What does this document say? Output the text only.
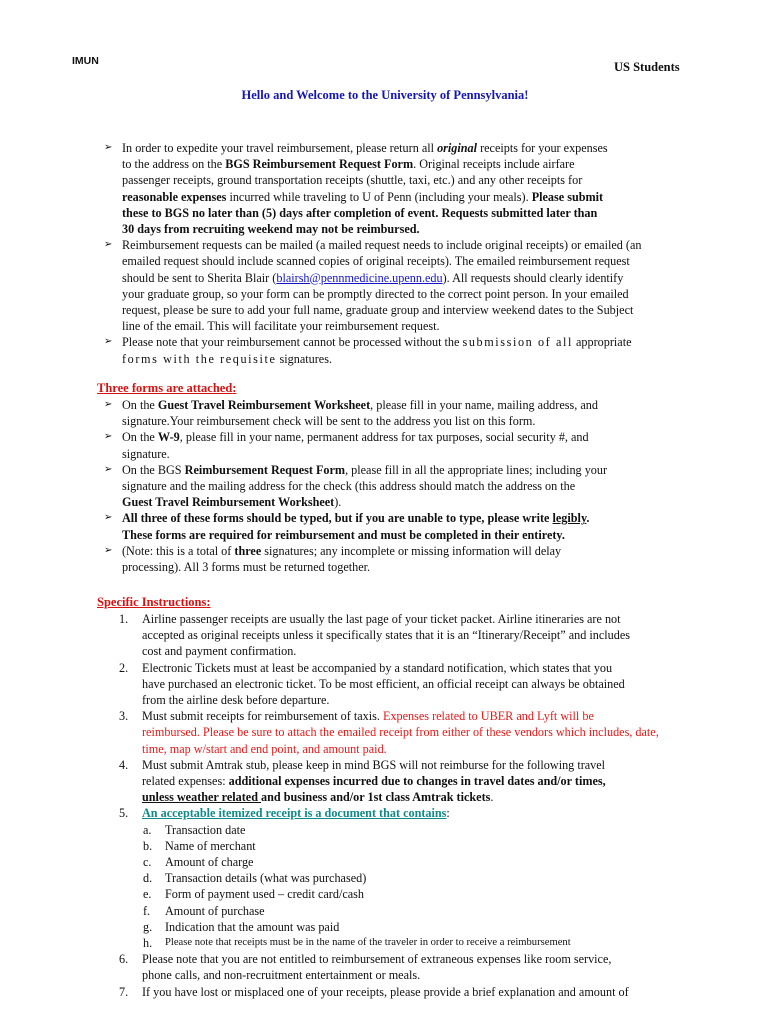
IMUN	US Students
Hello and Welcome to the University of Pennsylvania!
➢ In order to expedite your travel reimbursement, please return all original receipts for your expenses
to the address on the BGS Reimbursement Request Form. Original receipts include airfare
passenger receipts, ground transportation receipts (shuttle, taxi, etc.) and any other receipts for
reasonable expenses incurred while traveling to U of Penn (including your meals). Please submit
these to BGS no later than (5) days after completion of event. Requests submitted later than
30 days from recruiting weekend may not be reimbursed.
➢ Reimbursement requests can be mailed (a mailed request needs to include original receipts) or emailed (an
emailed request should include scanned copies of original receipts). The emailed reimbursement request
should be sent to Sherita Blair (blairsh@pennmedicine.upenn.edu). All requests should clearly identify
your graduate group, so your form can be promptly directed to the correct point person. In your emailed
request, please be sure to add your full name, graduate group and interview weekend dates to the Subject
line of the email. This will facilitate your reimbursement request.
➢ Please note that your reimbursement cannot be processed without the submission of all appropriate
forms with the requisite signatures.
Three forms are attached:
➢ On the Guest Travel Reimbursement Worksheet, please fill in your name, mailing address, and
signature.Your reimbursement check will be sent to the address you list on this form.
➢ On the W-9, please fill in your name, permanent address for tax purposes, social security #, and
signature.
➢ On the BGS Reimbursement Request Form, please fill in all the appropriate lines; including your
signature and the mailing address for the check (this address should match the address on the
Guest Travel Reimbursement Worksheet).
➢ All three of these forms should be typed, but if you are unable to type, please write legibly.
These forms are required for reimbursement and must be completed in their entirety.
➢ (Note: this is a total of three signatures; any incomplete or missing information will delay
processing). All 3 forms must be returned together.
Specific Instructions:
1. Airline passenger receipts are usually the last page of your ticket packet. Airline itineraries are not
accepted as original receipts unless it specifically states that it is an “Itinerary/Receipt” and includes
cost and payment confirmation.
2. Electronic Tickets must at least be accompanied by a standard notification, which states that you
have purchased an electronic ticket. To be most efficient, an official receipt can always be obtained
from the airline desk before departure.
3. Must submit receipts for reimbursement of taxis. Expenses related to UBER and Lyft will be
reimbursed. Please be sure to attach the emailed receipt from either of these vendors which includes, date,
time, map w/start and end point, and amount paid.
4. Must submit Amtrak stub, please keep in mind BGS will not reimburse for the following travel
related expenses: additional expenses incurred due to changes in travel dates and/or times,
unless weather related and business and/or 1st class Amtrak tickets.
5. An acceptable itemized receipt is a document that contains:
a. Transaction date
b. Name of merchant
c. Amount of charge
d. Transaction details (what was purchased)
e. Form of payment used – credit card/cash
f. Amount of purchase
g. Indication that the amount was paid
h. Please note that receipts must be in the name of the traveler in order to receive a reimbursement
6. Please note that you are not entitled to reimbursement of extraneous expenses like room service,
phone calls, and non-recruitment entertainment or meals.
7. If you have lost or misplaced one of your receipts, please provide a brief explanation and amount of
